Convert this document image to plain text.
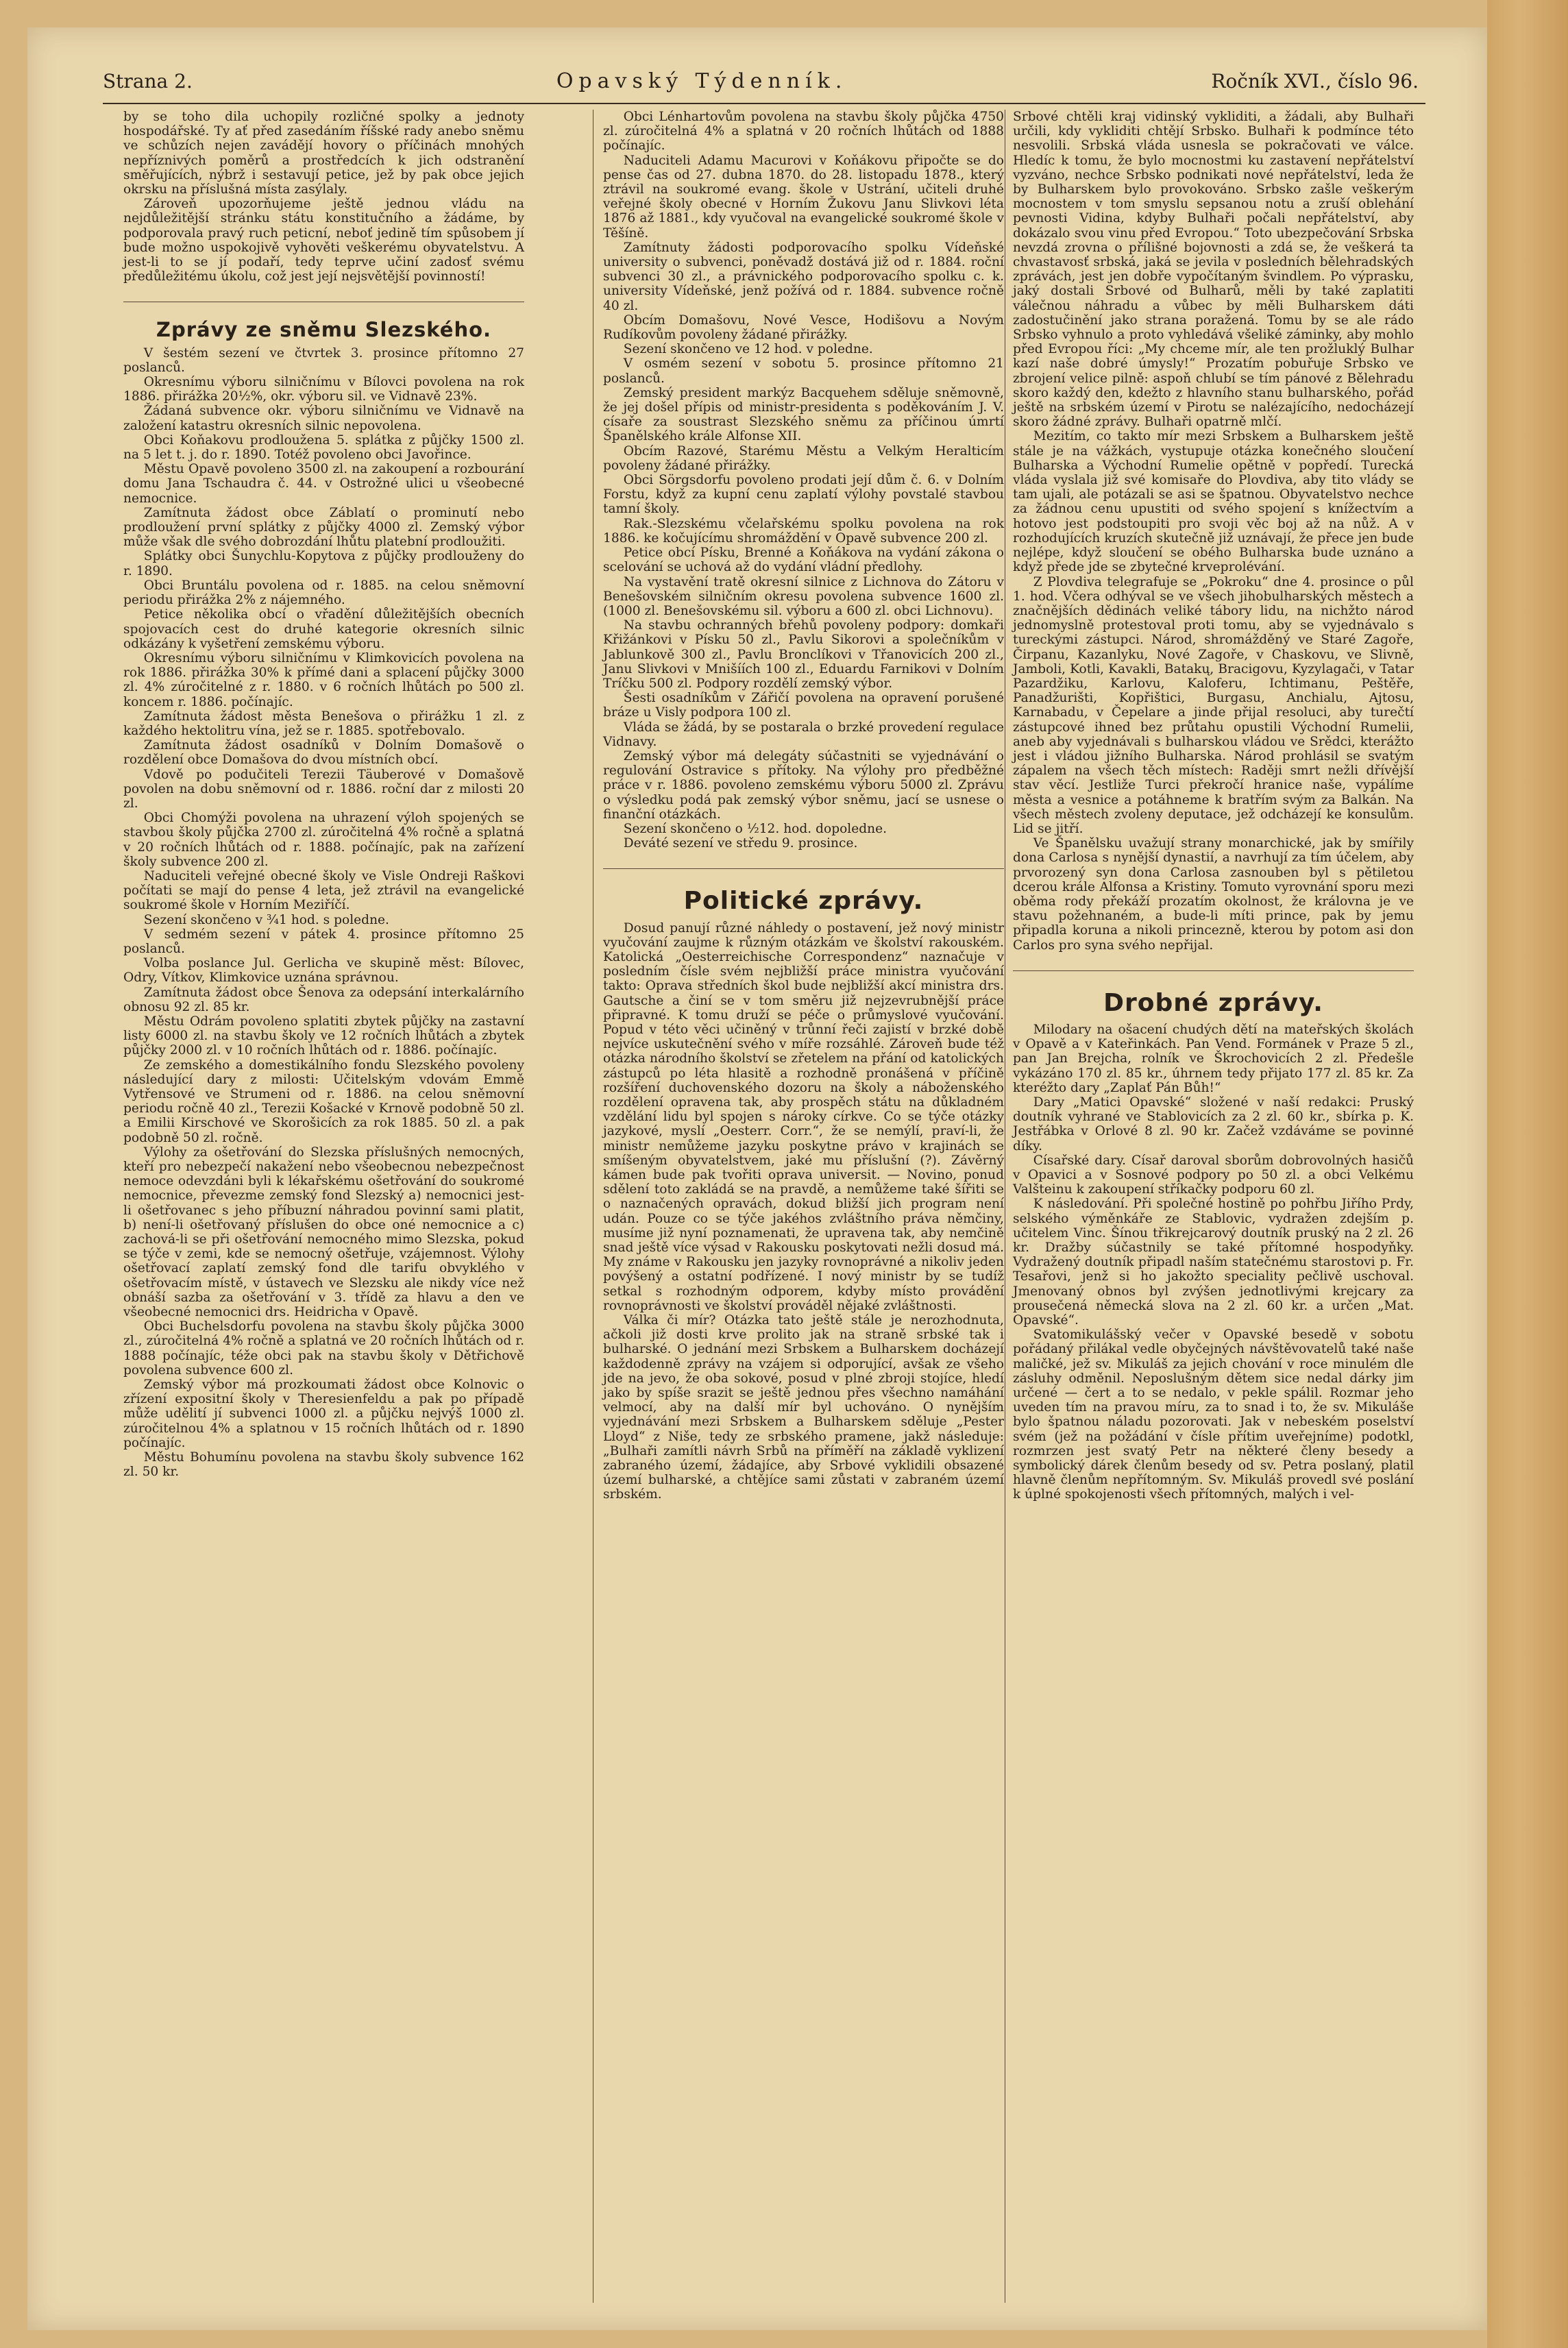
Strana 2.	Opavský Týdenník.	Ročník XVI., číslo 96.

by se toho dila uchopily rozličné spolky a jednoty hospodářské. Ty ať před zasedáním říšské rady anebo sněmu ve schůzích nejen zavádějí hovory o příčinách mnohých nepříznivých poměrů a prostředcích k jich odstranění směřujících, nýbrž i sestavují petice, jež by pak obce jejich okrsku na příslušná místa zasýlaly.

Zároveň upozorňujeme ještě jednou vládu na nejdůležitější stránku státu konstitučního a žádáme, by podporovala pravý ruch peticní, neboť jedině tím spůsobem jí bude možno uspokojivě vyhověti veškerému obyvatelstvu. A jest-li to se jí podaří, tedy teprve učiní zadosť svému předůležitému úkolu, což jest její nejsvětější povinností!

Zprávy ze sněmu Slezského.

V šestém sezení ve čtvrtek 3. prosince přítomno 27 poslanců.

Okresnímu výboru silničnímu v Bílovci povolena na rok 1886. přirážka 20½%, okr. výboru sil. ve Vidnavě 23%.

Žádaná subvence okr. výboru silničnímu ve Vidnavě na založení katastru okresních silnic nepovolena.

Obci Koňakovu prodloužena 5. splátka z půjčky 1500 zl. na 5 let t. j. do r. 1890. Totéž povoleno obci Javořince.

Městu Opavě povoleno 3500 zl. na zakoupení a rozbourání domu Jana Tschaudra č. 44. v Ostrožné ulici u všeobecné nemocnice.

Zamítnuta žádost obce Záblatí o prominutí nebo prodloužení první splátky z půjčky 4000 zl. Zemský výbor může však dle svého dobrozdání lhůtu platební prodloužiti.

Splátky obci Šunychlu-Kopytova z půjčky prodlouženy do r. 1890.

Obci Bruntálu povolena od r. 1885. na celou sněmovní periodu přirážka 2% z nájemného.

Petice několika obcí o vřadění důležitějších obecních spojovacích cest do druhé kategorie okresních silnic odkázány k vyšetření zemskému výboru.

Okresnímu výboru silničnímu v Klimkovicích povolena na rok 1886. přirážka 30% k přímé dani a splacení půjčky 3000 zl. 4% zúročitelné z r. 1880. v 6 ročních lhůtách po 500 zl. koncem r. 1886. počínajíc.

Zamítnuta žádost města Benešova o přirážku 1 zl. z každého hektolitru vína, jež se r. 1885. spotřebovalo.

Zamítnuta žádost osadníků v Dolním Domašově o rozdělení obce Domašova do dvou místních obcí.

Vdově po podučiteli Terezii Täuberové v Domašově povolen na dobu sněmovní od r. 1886. roční dar z milosti 20 zl.

Obci Chomýži povolena na uhrazení výloh spojených se stavbou školy půjčka 2700 zl. zúročitelná 4% ročně a splatná v 20 ročních lhůtách od r. 1888. počínajíc, pak na zařízení školy subvence 200 zl.

Naduciteli veřejné obecné školy ve Visle Ondreji Raškovi počítati se mají do pense 4 leta, jež ztrávil na evangelické soukromé škole v Horním Meziříčí.

Sezení skončeno v ¾1 hod. s poledne.

V sedmém sezení v pátek 4. prosince přítomno 25 poslanců.

Volba poslance Jul. Gerlicha ve skupině měst: Bílovec, Odry, Vítkov, Klimkovice uznána správnou.

Zamítnuta žádost obce Šenova za odepsání interkalárního obnosu 92 zl. 85 kr.

Městu Odrám povoleno splatiti zbytek půjčky na zastavní listy 6000 zl. na stavbu školy ve 12 ročních lhůtách a zbytek půjčky 2000 zl. v 10 ročních lhůtách od r. 1886. počínajíc.

Ze zemského a domestikálního fondu Slezského povoleny následující dary z milosti: Učitelským vdovám Emmě Vytřensové ve Strumeni od r. 1886. na celou sněmovní periodu ročně 40 zl., Terezii Košacké v Krnově podobně 50 zl. a Emilii Kirschové ve Skorošicích za rok 1885. 50 zl. a pak podobně 50 zl. ročně.

Výlohy za ošetřování do Slezska příslušných nemocných, kteří pro nebezpečí nakažení nebo všeobecnou nebezpečnost nemoce odevzdáni byli k lékařskému ošetřování do soukromé nemocnice, převezme zemský fond Slezský a) nemocnici jest-li ošetřovanec s jeho příbuzní náhradou povinní sami platit, b) není-li ošetřovaný příslušen do obce oné nemocnice a c) zachová-li se při ošetřování nemocného mimo Slezska, pokud se týče v zemi, kde se nemocný ošetřuje, vzájemnost. Výlohy ošetřovací zaplatí zemský fond dle tarifu obvyklého v ošetřovacím místě, v ústavech ve Slezsku ale nikdy více než obnáší sazba za ošetřování v 3. třídě za hlavu a den ve všeobecné nemocnici drs. Heidricha v Opavě.

Obci Buchelsdorfu povolena na stavbu školy půjčka 3000 zl., zúročitelná 4% ročně a splatná ve 20 ročních lhůtách od r. 1888 počínajíc, téže obci pak na stavbu školy v Dětřichově povolena subvence 600 zl.

Zemský výbor má prozkoumati žádost obce Kolnovic o zřízení expositní školy v Theresienfeldu a pak po případě může udělití jí subvenci 1000 zl. a půjčku nejvýš 1000 zl. zúročitelnou 4% a splatnou v 15 ročních lhůtách od r. 1890 počínajíc.

Městu Bohumínu povolena na stavbu školy subvence 162 zl. 50 kr.

Obci Lénhartovům povolena na stavbu školy půjčka 4750 zl. zúročitelná 4% a splatná v 20 ročních lhůtách od 1888 počínajíc.

Naduciteli Adamu Macurovi v Koňákovu připočte se do pense čas od 27. dubna 1870. do 28. listopadu 1878., který ztrávil na soukromé evang. škole v Ustrání, učiteli druhé veřejné školy obecné v Horním Žukovu Janu Slivkovi léta 1876 až 1881., kdy vyučoval na evangelické soukromé škole v Těšíně.

Zamítnuty žádosti podporovacího spolku Vídeňské university o subvenci, poněvadž dostává již od r. 1884. roční subvenci 30 zl., a právnického podporovacího spolku c. k. university Vídeňské, jenž požívá od r. 1884. subvence ročně 40 zl.

Obcím Domašovu, Nové Vesce, Hodišovu a Novým Rudíkovům povoleny žádané přirážky.

Sezení skončeno ve 12 hod. v poledne.

V osmém sezení v sobotu 5. prosince přítomno 21 poslanců.

Zemský president markýz Bacquehem sděluje sněmovně, že jej došel přípis od ministr-presidenta s poděkováním J. V. císaře za soustrast Slezského sněmu za příčinou úmrtí Španělského krále Alfonse XII.

Obcím Razové, Starému Městu a Velkým Heralticím povoleny žádané přirážky.

Obci Sörgsdorfu povoleno prodati její dům č. 6. v Dolním Forstu, když za kupní cenu zaplatí výlohy povstalé stavbou tamní školy.

Rak.-Slezskému včelařskému spolku povolena na rok 1886. ke kočujícímu shromáždění v Opavě subvence 200 zl.

Petice obcí Písku, Brenné a Koňákova na vydání zákona o scelování se uchová až do vydání vládní předlohy.

Na vystavění tratě okresní silnice z Lichnova do Zátoru v Benešovském silničním okresu povolena subvence 1600 zl. (1000 zl. Benešovskému sil. výboru a 600 zl. obci Lichnovu).

Na stavbu ochranných břehů povoleny podpory: domkaři Křižánkovi v Písku 50 zl., Pavlu Sikorovi a společníkům v Jablunkově 300 zl., Pavlu Bronclíkovi v Třanovicích 200 zl., Janu Slivkovi v Mnišíích 100 zl., Eduardu Farnikovi v Dolním Tríčku 500 zl. Podpory rozdělí zemský výbor.

Šesti osadníkům v Zářičí povolena na opravení porušené bráze u Visly podpora 100 zl.

Vláda se žádá, by se postarala o brzké provedení regulace Vidnavy.

Zemský výbor má delegáty súčastniti se vyjednávání o regulování Ostravice s přítoky. Na výlohy pro předběžné práce v r. 1886. povoleno zemskému výboru 5000 zl. Zprávu o výsledku podá pak zemský výbor sněmu, jací se usnese o finanční otázkách.

Sezení skončeno o ½12. hod. dopoledne.

Deváté sezení ve středu 9. prosince.

Politické zprávy.

Dosud panují různé náhledy o postavení, jež nový ministr vyučování zaujme k různým otázkám ve školství rakouském. Katolická „Oesterreichische Correspondenz“ naznačuje v posledním čísle svém nejbližší práce ministra vyučování takto: Oprava středních škol bude nejbližší akcí ministra drs. Gautsche a činí se v tom směru již nejzevrubnější práce připravné. K tomu druží se péče o průmyslové vyučování. Popud v této věci učiněný v trůnní řeči zajistí v brzké době nejvíce uskutečnění svého v míře rozsáhlé. Zároveň bude též otázka národního školství se zřetelem na přání od katolických zástupců po léta hlasitě a rozhodně pronášená v příčině rozšíření duchovenského dozoru na školy a náboženského rozdělení opravena tak, aby prospěch státu na důkladném vzdělání lidu byl spojen s nároky církve. Co se týče otázky jazykové, myslí „Oesterr. Corr.“, že se nemýlí, praví-li, že ministr nemůžeme jazyku poskytne právo v krajinách se smíšeným obyvatelstvem, jaké mu příslušní (?). Závěrný kámen bude pak tvořiti oprava universit. — Novino, ponud sdělení toto zakládá se na pravdě, a nemůžeme také šířiti se o naznačených opravách, dokud bližší jich program není udán. Pouze co se týče jakéhos zvláštního práva němčiny, musíme již nyní poznamenati, že upravena tak, aby nemčině snad ještě více výsad v Rakousku poskytovati nežli dosud má. My známe v Rakousku jen jazyky rovnoprávné a nikoliv jeden povýšený a ostatní podřízené. I nový ministr by se tudíž setkal s rozhodným odporem, kdyby místo provádění rovnoprávnosti ve školství prováděl nějaké zvláštnosti.

Válka či mír? Otázka tato ještě stále je nerozhodnuta, ačkoli již dosti krve prolito jak na straně srbské tak i bulharské. O jednání mezi Srbskem a Bulharskem docházejí každodenně zprávy na vzájem si odporující, avšak ze všeho jde na jevo, že oba sokové, posud v plné zbroji stojíce, hledí jako by spíše srazit se ještě jednou přes všechno namáhání velmocí, aby na další mír byl uchováno. O nynějším vyjednávání mezi Srbskem a Bulharskem sděluje „Pester Lloyd“ z Niše, tedy ze srbského pramene, jakž následuje: „Bulhaři zamítli návrh Srbů na příměří na základě vyklizení zabraného území, žádajíce, aby Srbové vyklidili obsazené území bulharské, a chtějíce sami zůstati v zabraném území srbském.

Srbové chtěli kraj vidinský vykliditi, a žádali, aby Bulhaři určili, kdy vykliditi chtějí Srbsko. Bulhaři k podmínce této nesvolili. Srbská vláda usnesla se pokračovati ve válce. Hledíc k tomu, že bylo mocnostmi ku zastavení nepřátelství vyzváno, nechce Srbsko podnikati nové nepřátelství, leda že by Bulharskem bylo provokováno. Srbsko zašle veškerým mocnostem v tom smyslu sepsanou notu a zruší oblehání pevnosti Vidina, kdyby Bulhaři počali nepřátelství, aby dokázalo svou vinu před Evropou.“ Toto ubezpečování Srbska nevzdá zrovna o přílišné bojovnosti a zdá se, že veškerá ta chvastavosť srbská, jaká se jevila v posledních bělehradských zprávách, jest jen dobře vypočítaným švindlem. Po výprasku, jaký dostali Srbové od Bulharů, měli by také zaplatiti válečnou náhradu a vůbec by měli Bulharskem dáti zadostučinění jako strana poražená. Tomu by se ale rádo Srbsko vyhnulo a proto vyhledává všeliké záminky, aby mohlo před Evropou říci: „My chceme mír, ale ten prožluklý Bulhar kazí naše dobré úmysly!“ Prozatím pobuřuje Srbsko ve zbrojení velice pilně: aspoň chlubí se tím pánové z Bělehradu skoro každý den, kdežto z hlavního stanu bulharského, pořád ještě na srbském území v Pirotu se nalézajícího, nedocházejí skoro žádné zprávy. Bulhaři opatrně mlčí.

Mezitím, co takto mír mezi Srbskem a Bulharskem ještě stále je na vážkách, vystupuje otázka konečného sloučení Bulharska a Východní Rumelie opětně v popředí. Turecká vláda vyslala již své komisaře do Plovdiva, aby tito vlády se tam ujali, ale potázali se asi se špatnou. Obyvatelstvo nechce za žádnou cenu upustiti od svého spojení s knížectvím a hotovo jest podstoupiti pro svoji věc boj až na nůž. A v rozhodujících kruzích skutečně již uznávají, že přece jen bude nejlépe, když sloučení se obého Bulharska bude uznáno a když přede jde se zbytečné krveprolévání.

Z Plovdiva telegrafuje se „Pokroku“ dne 4. prosince o půl 1. hod. Včera odhýval se ve všech jihobulharských městech a značnějších dědinách veliké tábory lidu, na nichžto národ jednomyslně protestoval proti tomu, aby se vyjednávalo s tureckými zástupci. Národ, shromážděný ve Staré Zagoře, Čirpanu, Kazanlyku, Nové Zagoře, v Chaskovu, ve Slivně, Jamboli, Kotli, Kavakli, Batakų, Bracigovu, Kyzylagači, v Tatar Pazardžiku, Karlovu, Kaloferu, Ichtimanu, Peštěře, Panadžurišti, Kopřištici, Burgasu, Anchialu, Ajtosu, Karnabadu, v Čepelare a jinde přijal resoluci, aby turečtí zástupcové ihned bez průtahu opustili Východní Rumelii, aneb aby vyjednávali s bulharskou vládou ve Srědci, kterážto jest i vládou jižního Bulharska. Národ prohlásil se svatým zápalem na všech těch místech: Raději smrt nežli dřívější stav věcí. Jestliže Turci překročí hranice naše, vypálíme města a vesnice a potáhneme k bratřím svým za Balkán. Na všech městech zvoleny deputace, jež odcházejí ke konsulům. Lid se jitří.

Ve Španělsku uvažují strany monarchické, jak by smířily dona Carlosa s nynější dynastií, a navrhují za tím účelem, aby prvorozený syn dona Carlosa zasnouben byl s pětiletou dcerou krále Alfonsa a Kristiny. Tomuto vyrovnání sporu mezi oběma rody překáží prozatím okolnost, že královna je ve stavu požehnaném, a bude-li míti prince, pak by jemu připadla koruna a nikoli princezně, kterou by potom asi don Carlos pro syna svého nepřijal.

Drobné zprávy.

Milodary na ošacení chudých dětí na mateřských školách v Opavě a v Kateřinkách. Pan Vend. Formánek v Praze 5 zl., pan Jan Brejcha, rolník ve Škrochovicích 2 zl. Předešle vykázáno 170 zl. 85 kr., úhrnem tedy přijato 177 zl. 85 kr. Za kteréžto dary „Zaplať Pán Bůh!“

Dary „Matici Opavské“ složené v naší redakci: Pruský doutník vyhrané ve Stablovicích za 2 zl. 60 kr., sbírka p. K. Jestřábka v Orlové 8 zl. 90 kr. Začež vzdáváme se povinné díky.

Císařské dary. Císař daroval sborům dobrovolných hasičů v Opavici a v Sosnové podpory po 50 zl. a obci Velkému Valšteinu k zakoupení stříkačky podporu 60 zl.

K následování. Při společné hostině po pohřbu Jiřího Prdy, selského výměnkáře ze Stablovic, vydražen zdejším p. učitelem Vinc. Šínou třikrejcarový doutník pruský na 2 zl. 26 kr. Dražby súčastnily se také přítomné hospodyňky. Vydražený doutník připadl naším statečnému starostovi p. Fr. Tesařovi, jenž si ho jakožto speciality pečlivě uschoval. Jmenovaný obnos byl zvýšen jednotlivými krejcary za prousečená německá slova na 2 zl. 60 kr. a určen „Mat. Opavské“.

Svatomikulášský večer v Opavské besedě v sobotu pořádaný přilákal vedle obyčejných návštěvovatelů také naše maličké, jež sv. Mikuláš za jejich chování v roce minulém dle zásluhy odměnil. Neposlušným dětem sice nedal dárky jim určené — čert a to se nedalo, v pekle spálil. Rozmar jeho uveden tím na pravou míru, za to snad i to, že sv. Mikuláše bylo špatnou náladu pozorovati. Jak v nebeském poselství svém (jež na požádání v čísle přítim uveřejníme) podotkl, rozmrzen jest svatý Petr na některé členy besedy a symbolický dárek členům besedy od sv. Petra poslaný, platil hlavně členům nepřítomným. Sv. Mikuláš provedl své poslání k úplné spokojenosti všech přítomných, malých i vel-
